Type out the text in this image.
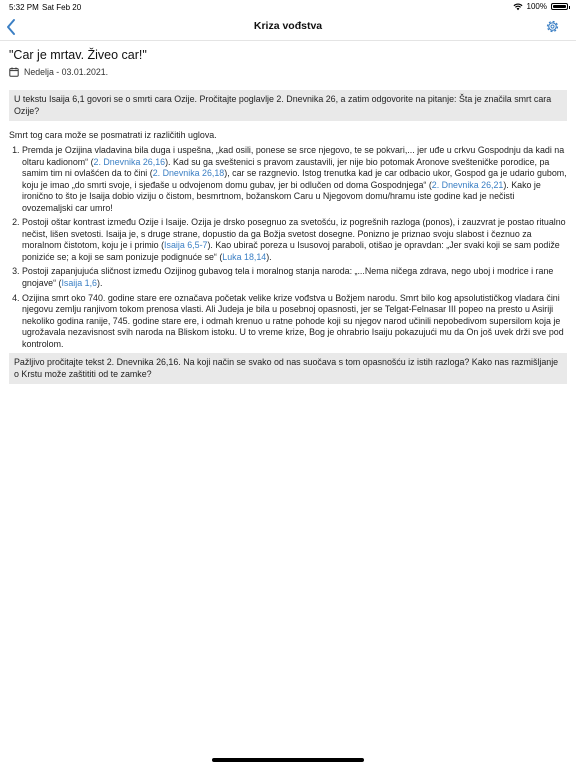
5:32 PM Sat Feb 20	100%
Kriza vođstva
"Car je mrtav. Živeo car!"
Nedelja - 03.01.2021.
U tekstu Isaija 6,1 govori se o smrti cara Ozije. Pročitajte poglavlje 2. Dnevnika 26, a zatim odgovorite na pitanje: Šta je značila smrt cara Ozije?

Smrt tog cara može se posmatrati iz različitih uglova.

1. Premda je Ozijina vladavina bila duga i uspešna, „kad osili, ponese se srce njegovo, te se pokvari,... jer uđe u crkvu Gospodnju da kadi na oltaru kadionom“ (2. Dnevnika 26,16). Kad su ga sveštenici s pravom zaustavili, jer nije bio potomak Aronove svešteničke porodice, pa samim tim ni ovlašćen da to čini (2. Dnevnika 26,18), car se razgnevio. Istog trenutka kad je car odbacio ukor, Gospod ga je udario gubom, koju je imao „do smrti svoje, i sjeđaše u odvojenom domu gubav, jer bi odlučen od doma Gospodnjega“ (2. Dnevnika 26,21). Kako je ironično to što je Isaija dobio viziju o čistom, besmrtnom, božanskom Caru u Njegovom domu/hramu iste godine kad je nečisti ovozemaljski car umro!
2. Postoji oštar kontrast između Ozije i Isaije. Ozija je drsko posegnuo za svetošću, iz pogrešnih razloga (ponos), i zauzvrat je postao ritualno nečist, lišen svetosti. Isaija je, s druge strane, dopustio da ga Božja svetost dosegne. Ponizno je priznao svoju slabost i čeznuo za moralnom čistotom, koju je i primio (Isaija 6,5-7). Kao ubirač poreza u Isusovoj paraboli, otišao je opravdan: „Jer svaki koji se sam podiže poniziće se; a koji se sam ponizuje podignuće se“ (Luka 18,14).
3. Postoji zapanjujuća sličnost između Ozijinog gubavog tela i moralnog stanja naroda: „...Nema ničega zdrava, nego uboj i modrice i rane gnojave“ (Isaija 1,6).
4. Ozijina smrt oko 740. godine stare ere označava početak velike krize vođstva u Božjem narodu. Smrt bilo kog apsolutističkog vladara čini njegovu zemlju ranjivom tokom prenosa vlasti. Ali Judeja je bila u posebnoj opasnosti, jer se Telgat-Felnasar III popeo na presto u Asiriji nekoliko godina ranije, 745. godine stare ere, i odmah krenuo u ratne pohode koji su njegov narod učinili nepobedivom supersilom koja je ugrožavala nezavisnost svih naroda na Bliskom istoku. U to vreme krize, Bog je ohrabrio Isaiju pokazujući mu da On još uvek drži sve pod kontrolom.
Pažljivo pročitajte tekst 2. Dnevnika 26,16. Na koji način se svako od nas suočava s tom opasnošću iz istih razloga? Kako nas razmišljanje o Krstu može zaštititi od te zamke?
